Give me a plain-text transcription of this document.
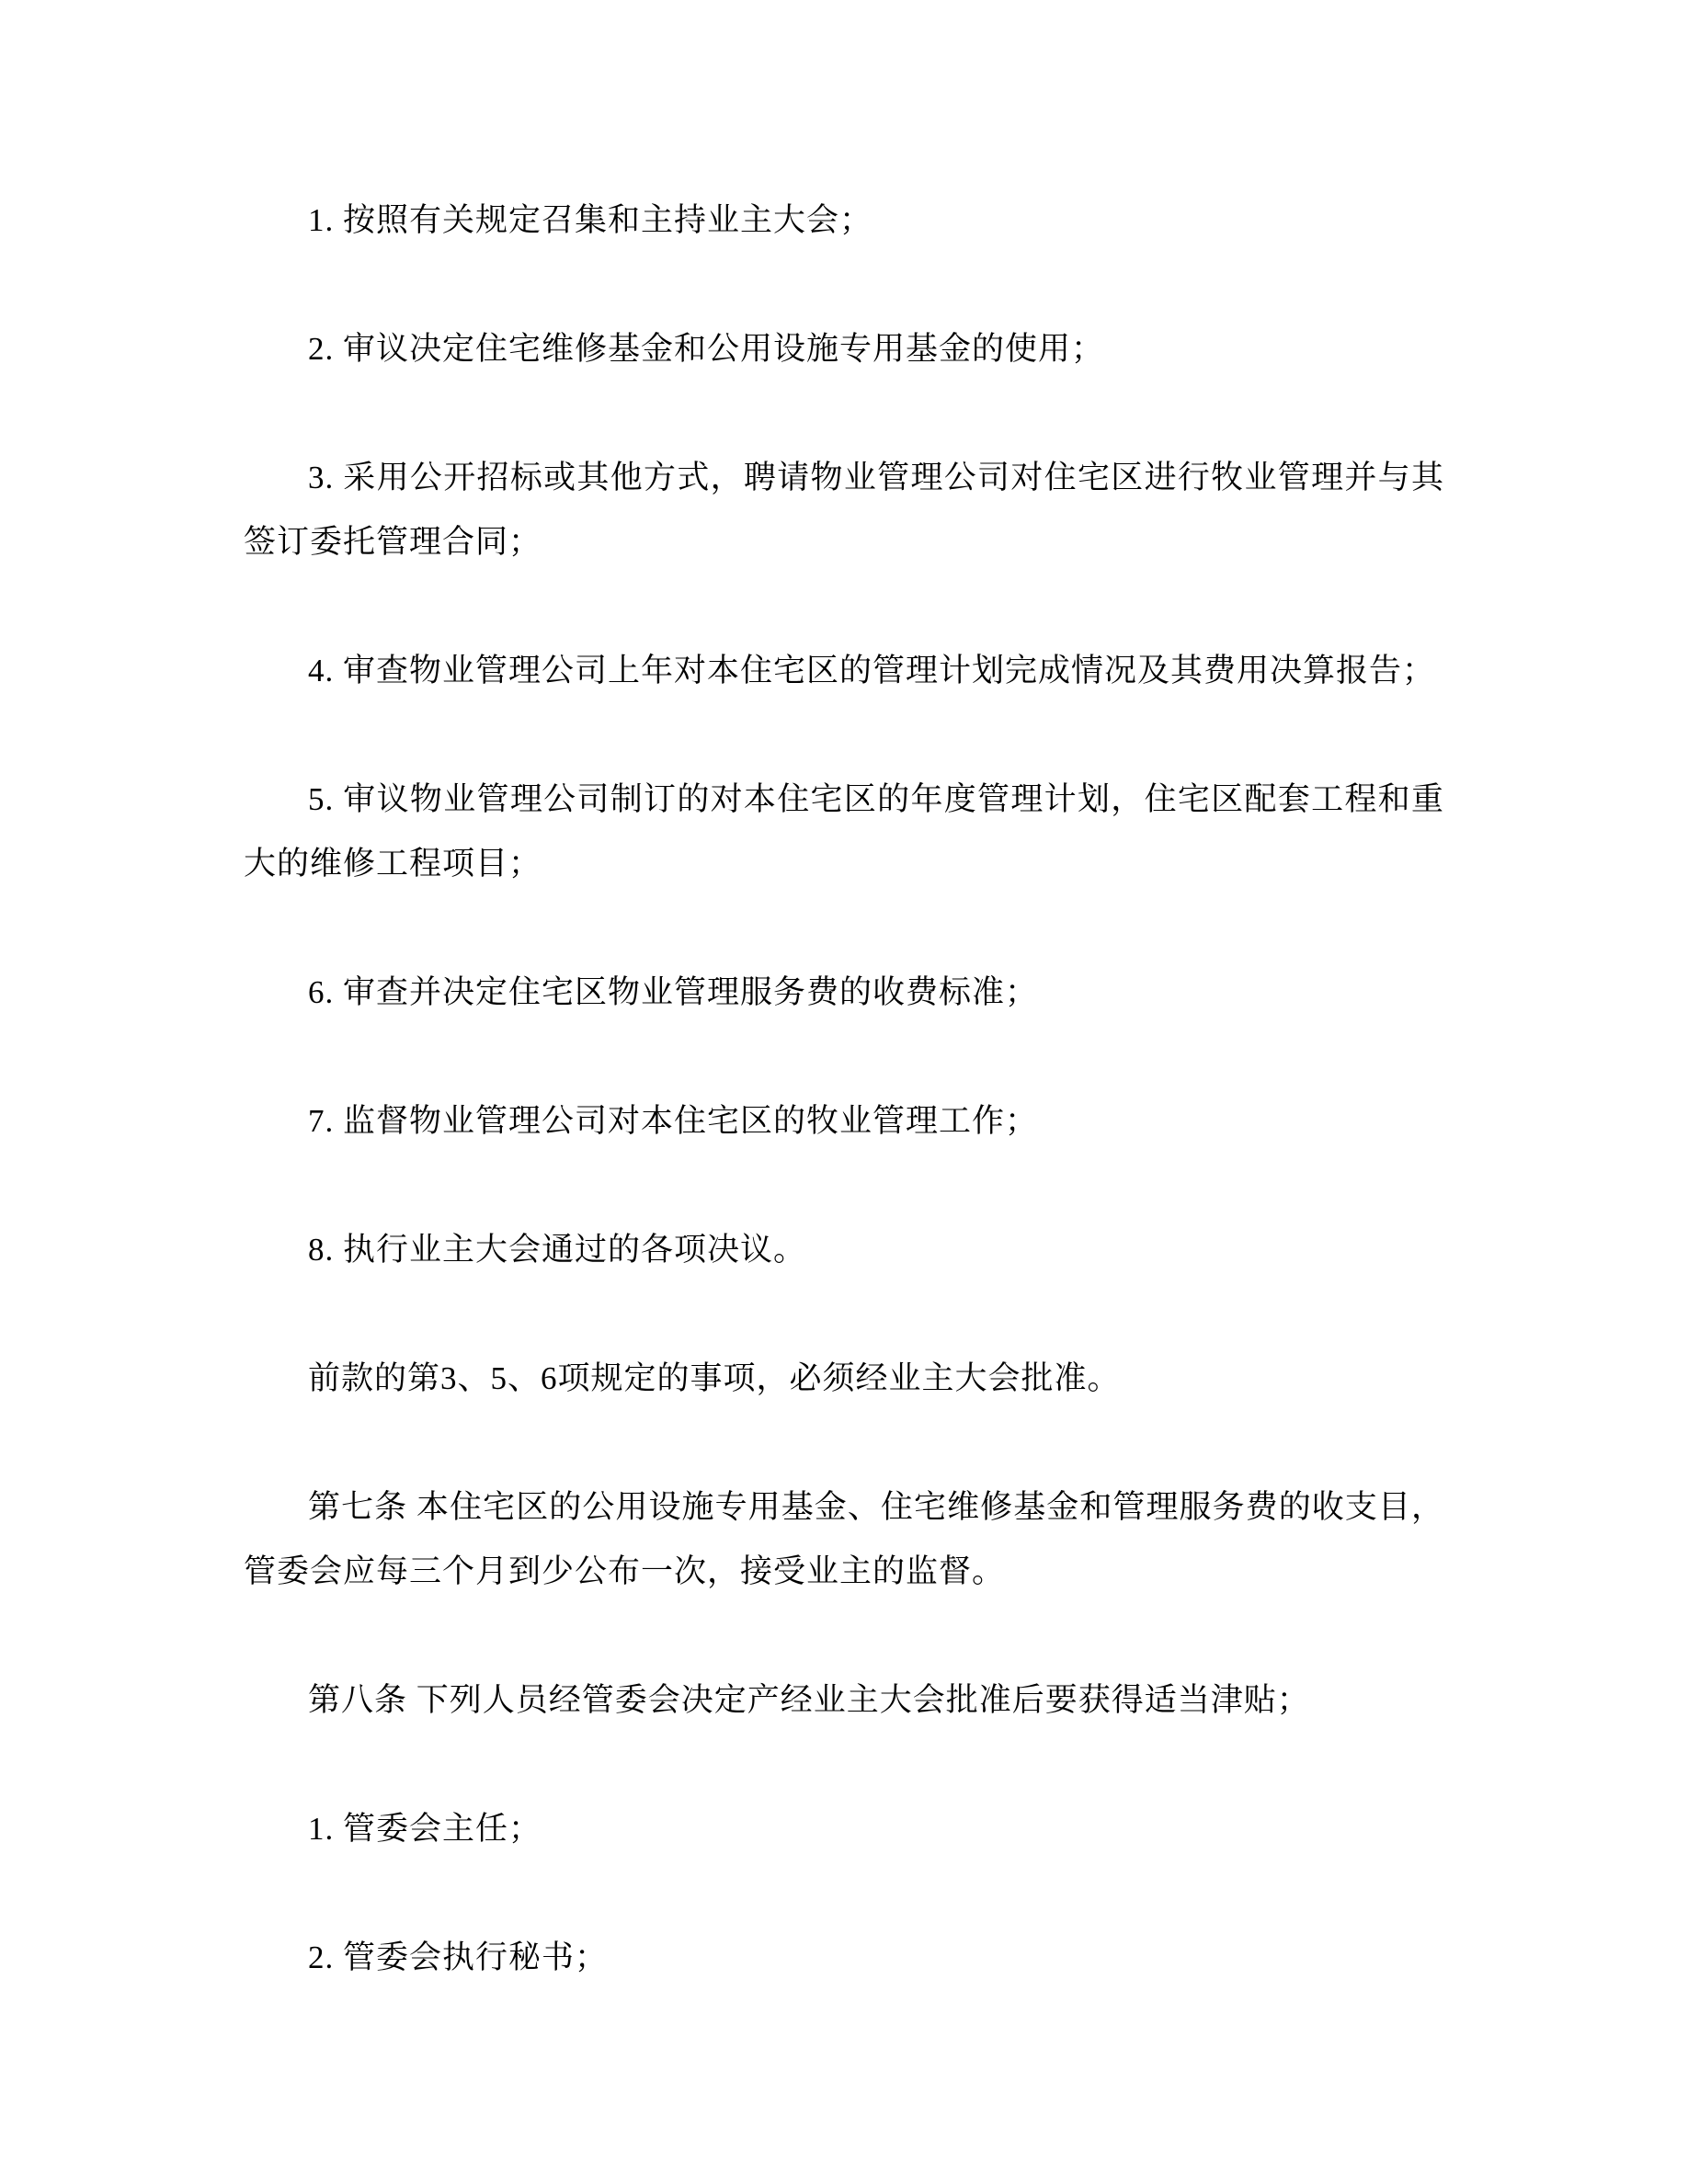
1. 按照有关规定召集和主持业主大会；
2. 审议决定住宅维修基金和公用设施专用基金的使用；
3. 采用公开招标或其他方式，聘请物业管理公司对住宅区进行牧业管理并与其
签订委托管理合同；
4. 审查物业管理公司上年对本住宅区的管理计划完成情况及其费用决算报告；
5. 审议物业管理公司制订的对本住宅区的年度管理计划，住宅区配套工程和重
大的维修工程项目；
6. 审查并决定住宅区物业管理服务费的收费标准；
7. 监督物业管理公司对本住宅区的牧业管理工作；
8. 执行业主大会通过的各项决议。
前款的第3、5、6项规定的事项，必须经业主大会批准。
第七条 本住宅区的公用设施专用基金、住宅维修基金和管理服务费的收支目，
管委会应每三个月到少公布一次，接受业主的监督。
第八条 下列人员经管委会决定产经业主大会批准后要获得适当津贴；
1. 管委会主任；
2. 管委会执行秘书；
